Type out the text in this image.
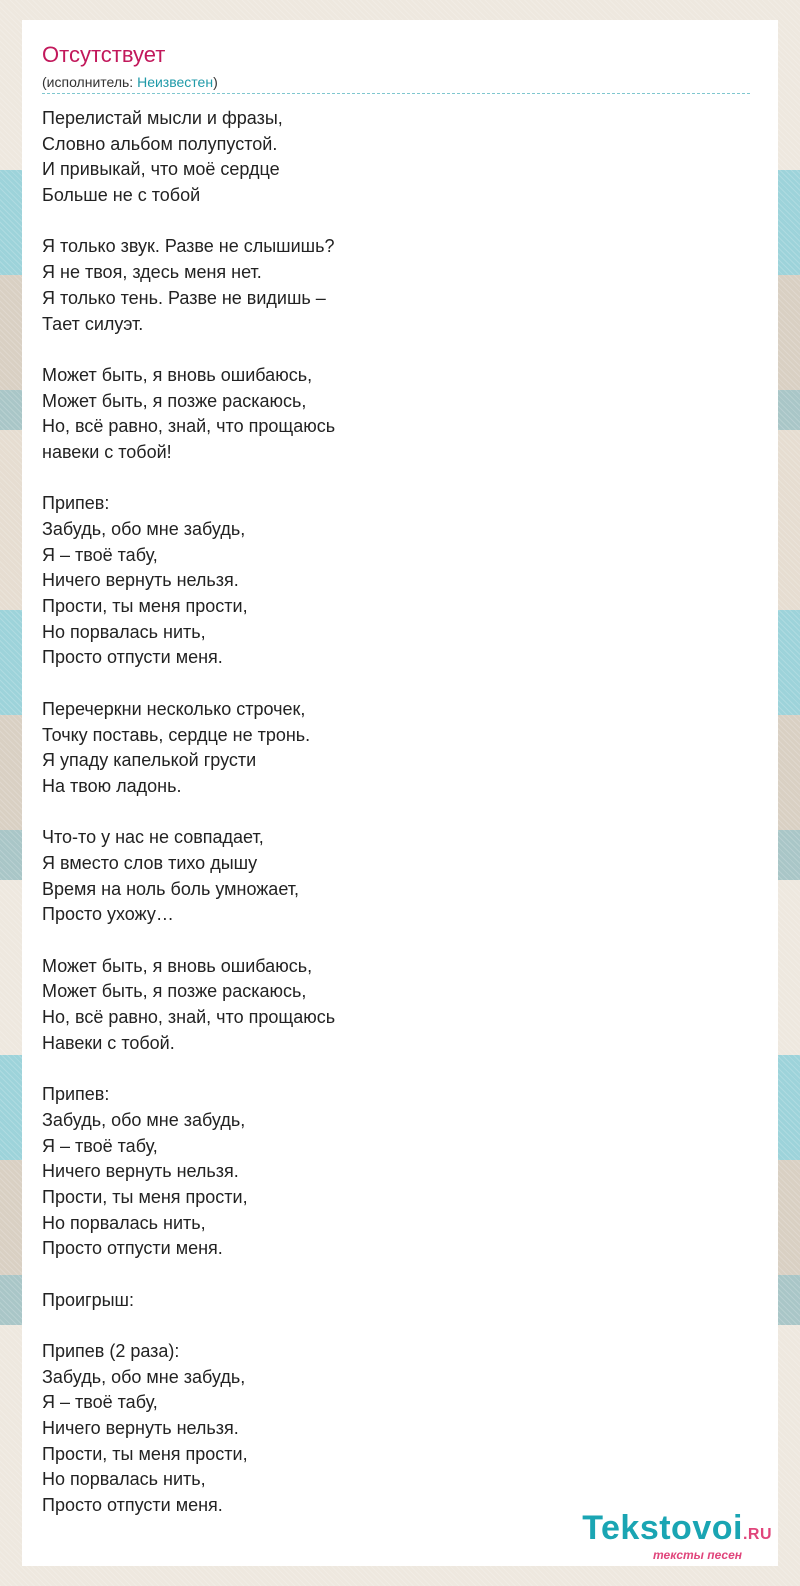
Отсутствует
(исполнитель: Неизвестен)
Перелистай мысли и фразы,
Словно альбом полупустой.
И привыкай, что моё сердце
Больше не с тобой
Я только звук. Разве не слышишь?
Я не твоя, здесь меня нет.
Я только тень. Разве не видишь –
Тает силуэт.
Может быть, я вновь ошибаюсь,
Может быть, я позже раскаюсь,
Но, всё равно, знай, что прощаюсь
навеки с тобой!
Припев:
Забудь, обо мне забудь,
Я – твоё табу,
Ничего вернуть нельзя.
Прости, ты меня прости,
Но порвалась нить,
Просто отпусти меня.
Перечеркни несколько строчек,
Точку поставь, сердце не тронь.
Я упаду капелькой грусти
На твою ладонь.
Что-то у нас не совпадает,
Я вместо слов тихо дышу
Время на ноль боль умножает,
Просто ухожу…
Может быть, я вновь ошибаюсь,
Может быть, я позже раскаюсь,
Но, всё равно, знай, что прощаюсь
Навеки с тобой.
Припев:
Забудь, обо мне забудь,
Я – твоё табу,
Ничего вернуть нельзя.
Прости, ты меня прости,
Но порвалась нить,
Просто отпусти меня.
Проигрыш:
Припев (2 раза):
Забудь, обо мне забудь,
Я – твоё табу,
Ничего вернуть нельзя.
Прости, ты меня прости,
Но порвалась нить,
Просто отпусти меня.
Tekstovoi.RU
тексты песен
